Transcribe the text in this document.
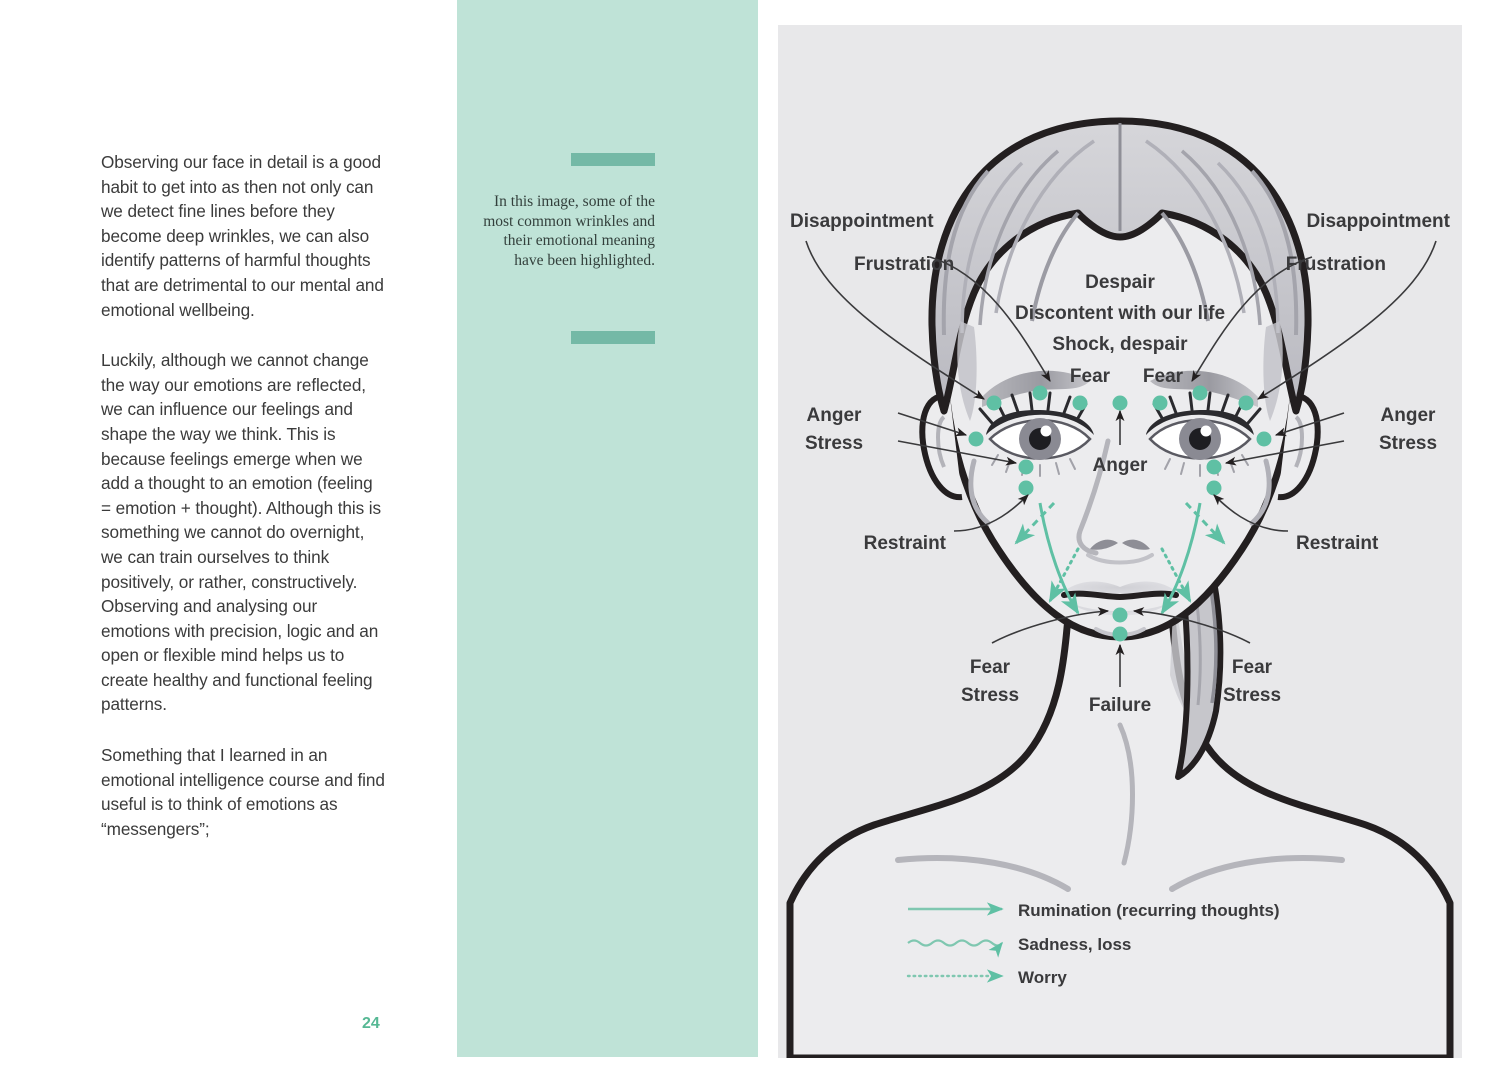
Observing our face in detail is a good habit to get into as then not only can we detect fine lines before they become deep wrinkles, we can also identify patterns of harmful thoughts that are detrimental to our mental and emotional wellbeing.

Luckily, although we cannot change the way our emotions are reflected, we can influence our feelings and shape the way we think. This is because feelings emerge when we add a thought to an emotion (feeling = emotion + thought). Although this is something we cannot do overnight, we can train ourselves to think positively, or rather, constructively. Observing and analysing our emotions with precision, logic and an open or flexible mind helps us to create healthy and functional feeling patterns.

Something that I learned in an emotional intelligence course and find useful is to think of emotions as “messengers”;

24
In this image, some of the most common wrinkles and their emotional meaning have been highlighted.
Disappointment
Frustration
Disappointment
Frustration
Despair
Discontent with our life
Shock, despair
Fear Fear
Anger
Stress
Anger
Stress
Anger
Restraint	Restraint
Fear
Stress
Fear
Stress
Failure
Rumination (recurring thoughts)
Sadness, loss
Worry
